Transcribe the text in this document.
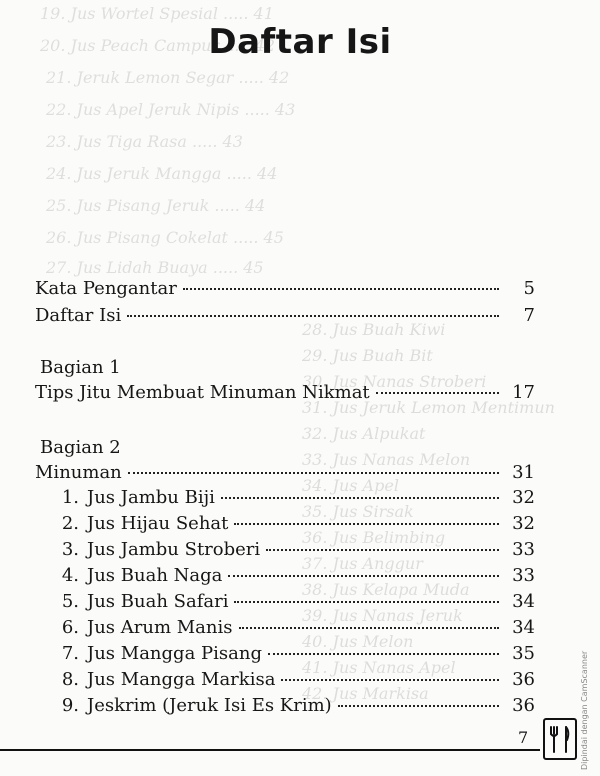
19. Jus Wortel Spesial ..... 41
20. Jus Peach Campur ..... 42
21. Jeruk Lemon Segar ..... 42
22. Jus Apel Jeruk Nipis ..... 43
23. Jus Tiga Rasa ..... 43
24. Jus Jeruk Mangga ..... 44
25. Jus Pisang Jeruk ..... 44
26. Jus Pisang Cokelat ..... 45
27. Jus Lidah Buaya ..... 45
28. Jus Buah Kiwi
29. Jus Buah Bit
30. Jus Nanas Stroberi
31. Jus Jeruk Lemon Mentimun
32. Jus Alpukat
33. Jus Nanas Melon
34. Jus Apel
35. Jus Sirsak
36. Jus Belimbing
37. Jus Anggur
38. Jus Kelapa Muda
39. Jus Nanas Jeruk
40. Jus Melon
41. Jus Nanas Apel
42. Jus Markisa
Daftar Isi
Kata Pengantar	5
Daftar Isi	7
Bagian 1
Tips Jitu Membuat Minuman Nikmat	17
Bagian 2
Minuman	31
1. Jus Jambu Biji	32
2. Jus Hijau Sehat	32
3. Jus Jambu Stroberi	33
4. Jus Buah Naga	33
5. Jus Buah Safari	34
6. Jus Arum Manis	34
7. Jus Mangga Pisang	35
8. Jus Mangga Markisa	36
9. Jeskrim (Jeruk Isi Es Krim)	36
7	Dipindai dengan CamScanner
